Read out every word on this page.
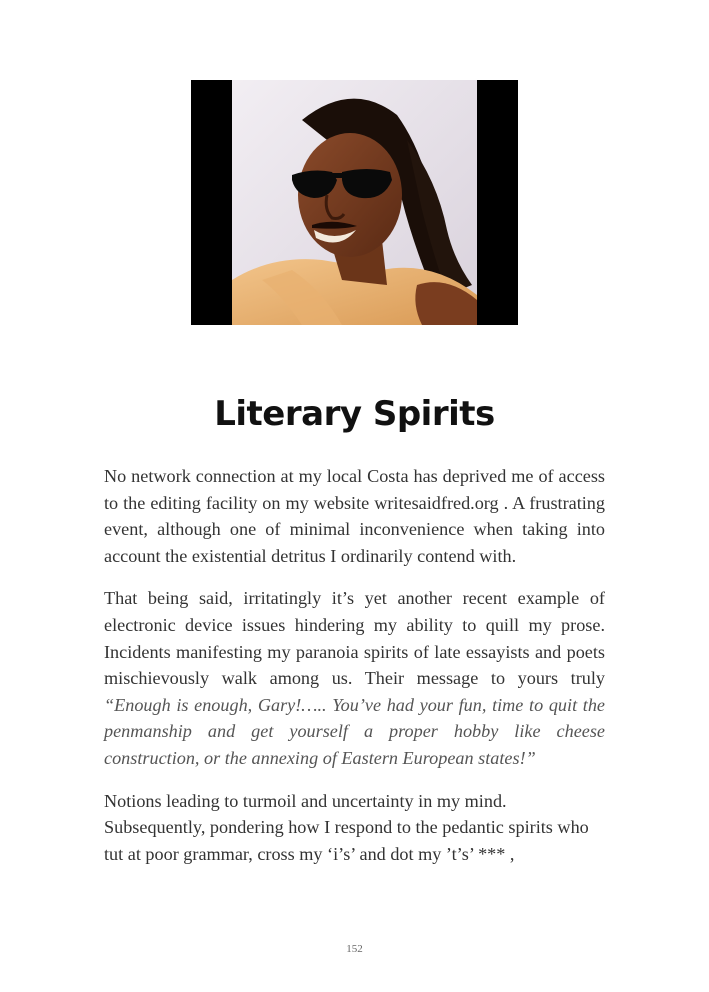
Literary Spirits

No network connection at my local Costa has deprived me of access to the editing facility on my website writesaidfred.org . A frustrating event, although one of minimal inconvenience when taking into account the existential detritus I ordinarily contend with.

That being said, irritatingly it’s yet another recent example of electronic device issues hindering my ability to quill my prose. Incidents manifesting my paranoia spirits of late essayists and poets mischievously walk among us. Their message to yours truly “Enough is enough, Gary!….. You’ve had your fun, time to quit the penmanship and get yourself a proper hobby like cheese construction, or the annexing of Eastern European states!”

Notions leading to turmoil and uncertainty in my mind. Subsequently, pondering how I respond to the pedantic spirits who tut at poor grammar, cross my ‘i’s’ and dot my ’t’s’ *** ,

152
